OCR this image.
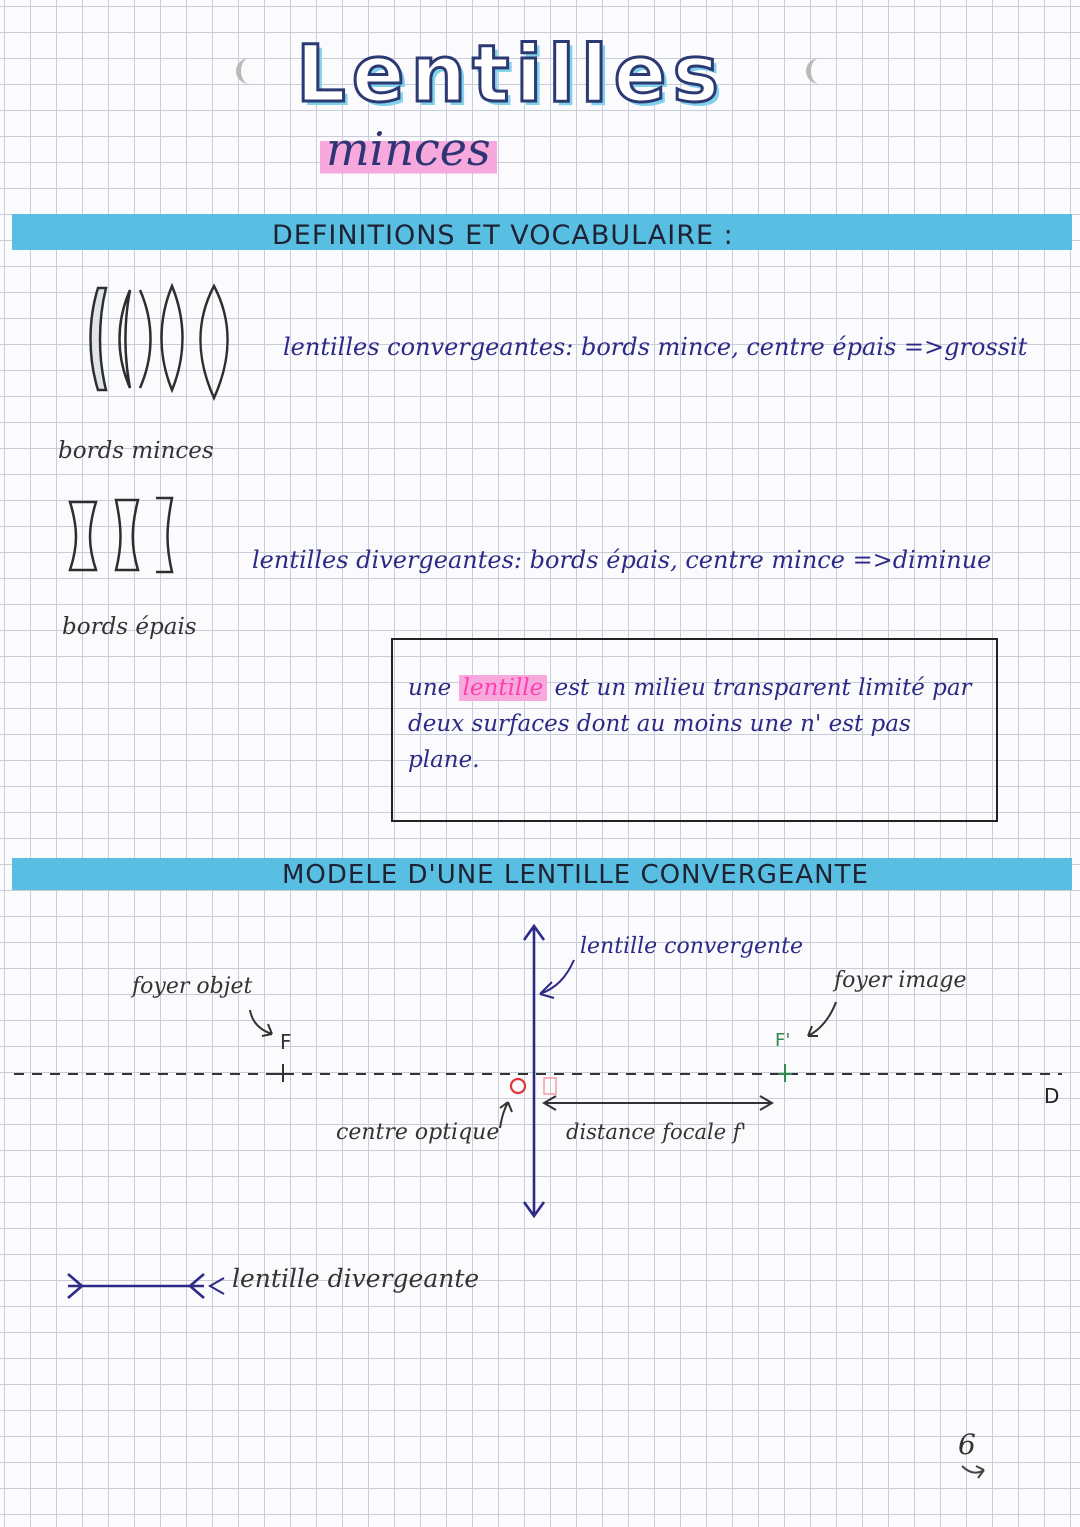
Lentilles
minces
DEFINITIONS ET VOCABULAIRE :
lentilles convergeantes: bords mince, centre épais =>grossit
bords minces
lentilles divergeantes: bords épais, centre mince =>diminue
bords épais
une lentille est un milieu transparent limité par deux surfaces dont au moins une n' est pas plane.
MODELE D'UNE LENTILLE CONVERGEANTE
lentille convergente
foyer objet	foyer image
F	F'
D
centre optique	distance focale f'
lentille divergeante
6
